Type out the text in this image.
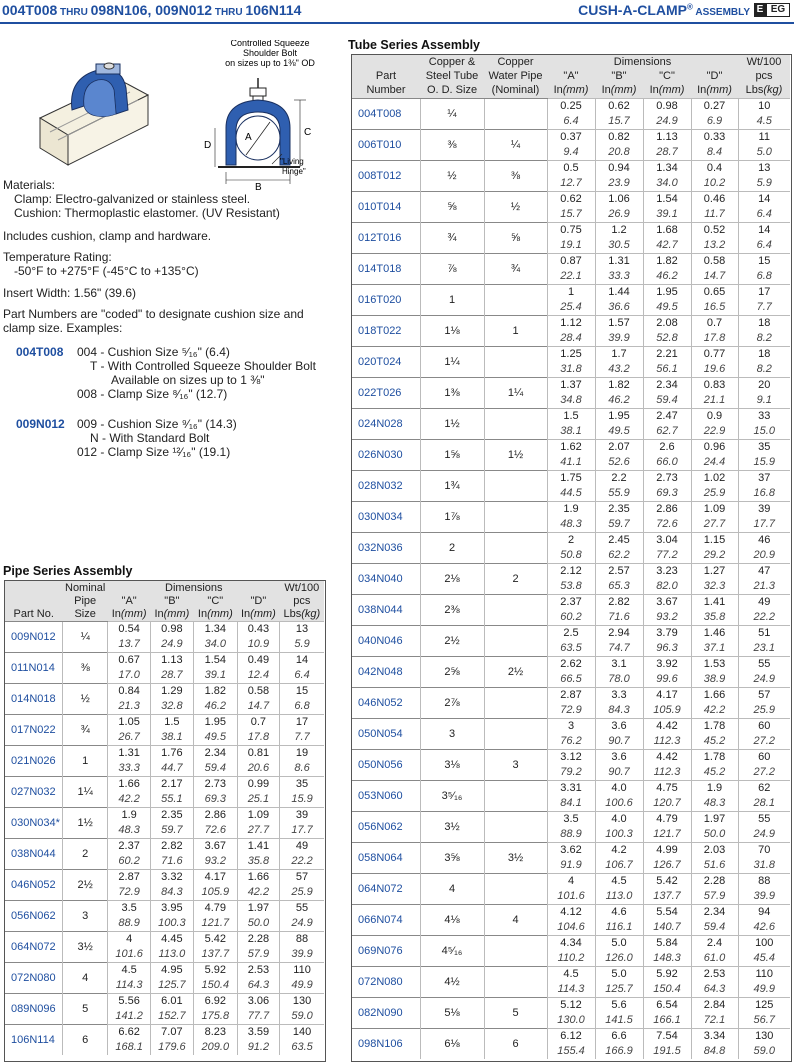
004T008 THRU 098N106, 009N012 THRU 106N114	CUSH-A-CLAMP® ASSEMBLY E EG
Controlled Squeeze
Shoulder Bolt
on sizes up to 1⅜" OD
A
B
C
D
"Living
Hinge"
Materials:
Clamp: Electro-galvanized or stainless steel.
Cushion: Thermoplastic elastomer. (UV Resistant)
Includes cushion, clamp and hardware.
Temperature Rating:
-50°F to +275°F (-45°C to +135°C)
Insert Width: 1.56" (39.6)
Part Numbers are "coded" to designate cushion size and
clamp size. Examples:
004T008 004 - Cushion Size ⁵⁄₁₆" (6.4)
T - With Controlled Squeeze Shoulder Bolt
Available on sizes up to 1 ⅜"
008 - Clamp Size ⁸⁄₁₆" (12.7)
009N012 009 - Cushion Size ⁹⁄₁₆" (14.3)
N - With Standard Bolt
012 - Clamp Size ¹²⁄₁₆" (19.1)
Pipe Series Assembly
	Nominal	Dimensions				Wt/100
	Pipe	"A"	"B"	"C"	"D"	pcs
Part No.	Size	In(mm)	In(mm)	In(mm)	In(mm)	Lbs(kg)
009N012	¼	0.54	0.98	1.34	0.43	13
		13.7	24.9	34.0	10.9	5.9
011N014	⅜	0.67	1.13	1.54	0.49	14
		17.0	28.7	39.1	12.4	6.4
014N018	½	0.84	1.29	1.82	0.58	15
		21.3	32.8	46.2	14.7	6.8
017N022	¾	1.05	1.5	1.95	0.7	17
		26.7	38.1	49.5	17.8	7.7
021N026	1	1.31	1.76	2.34	0.81	19
		33.3	44.7	59.4	20.6	8.6
027N032	1¼	1.66	2.17	2.73	0.99	35
		42.2	55.1	69.3	25.1	15.9
030N034*	1½	1.9	2.35	2.86	1.09	39
		48.3	59.7	72.6	27.7	17.7
038N044	2	2.37	2.82	3.67	1.41	49
		60.2	71.6	93.2	35.8	22.2
046N052	2½	2.87	3.32	4.17	1.66	57
		72.9	84.3	105.9	42.2	25.9
056N062	3	3.5	3.95	4.79	1.97	55
		88.9	100.3	121.7	50.0	24.9
064N072	3½	4	4.45	5.42	2.28	88
		101.6	113.0	137.7	57.9	39.9
072N080	4	4.5	4.95	5.92	2.53	110
		114.3	125.7	150.4	64.3	49.9
089N096	5	5.56	6.01	6.92	3.06	130
		141.2	152.7	175.8	77.7	59.0
106N114	6	6.62	7.07	8.23	3.59	140
		168.1	179.6	209.0	91.2	63.5
Tube Series Assembly
	Copper &	Copper	Dimensions				Wt/100
Part	Steel Tube	Water Pipe	"A"	"B"	"C"	"D"	pcs
Number	O. D. Size	(Nominal)	In(mm)	In(mm)	In(mm)	In(mm)	Lbs(kg)
004T008	¼		0.25	0.62	0.98	0.27	10
			6.4	15.7	24.9	6.9	4.5
006T010	⅜	¼	0.37	0.82	1.13	0.33	11
			9.4	20.8	28.7	8.4	5.0
008T012	½	⅜	0.5	0.94	1.34	0.4	13
			12.7	23.9	34.0	10.2	5.9
010T014	⅝	½	0.62	1.06	1.54	0.46	14
			15.7	26.9	39.1	11.7	6.4
012T016	¾	⅝	0.75	1.2	1.68	0.52	14
			19.1	30.5	42.7	13.2	6.4
014T018	⅞	¾	0.87	1.31	1.82	0.58	15
			22.1	33.3	46.2	14.7	6.8
016T020	1		1	1.44	1.95	0.65	17
			25.4	36.6	49.5	16.5	7.7
018T022	1⅛	1	1.12	1.57	2.08	0.7	18
			28.4	39.9	52.8	17.8	8.2
020T024	1¼		1.25	1.7	2.21	0.77	18
			31.8	43.2	56.1	19.6	8.2
022T026	1⅜	1¼	1.37	1.82	2.34	0.83	20
			34.8	46.2	59.4	21.1	9.1
024N028	1½		1.5	1.95	2.47	0.9	33
			38.1	49.5	62.7	22.9	15.0
026N030	1⅝	1½	1.62	2.07	2.6	0.96	35
			41.1	52.6	66.0	24.4	15.9
028N032	1¾		1.75	2.2	2.73	1.02	37
			44.5	55.9	69.3	25.9	16.8
030N034	1⅞		1.9	2.35	2.86	1.09	39
			48.3	59.7	72.6	27.7	17.7
032N036	2		2	2.45	3.04	1.15	46
			50.8	62.2	77.2	29.2	20.9
034N040	2⅛	2	2.12	2.57	3.23	1.27	47
			53.8	65.3	82.0	32.3	21.3
038N044	2⅜		2.37	2.82	3.67	1.41	49
			60.2	71.6	93.2	35.8	22.2
040N046	2½		2.5	2.94	3.79	1.46	51
			63.5	74.7	96.3	37.1	23.1
042N048	2⅝	2½	2.62	3.1	3.92	1.53	55
			66.5	78.0	99.6	38.9	24.9
046N052	2⅞		2.87	3.3	4.17	1.66	57
			72.9	84.3	105.9	42.2	25.9
050N054	3		3	3.6	4.42	1.78	60
			76.2	90.7	112.3	45.2	27.2
050N056	3⅛	3	3.12	3.6	4.42	1.78	60
			79.2	90.7	112.3	45.2	27.2
053N060	3⁵⁄₁₆		3.31	4.0	4.75	1.9	62
			84.1	100.6	120.7	48.3	28.1
056N062	3½		3.5	4.0	4.79	1.97	55
			88.9	100.3	121.7	50.0	24.9
058N064	3⅝	3½	3.62	4.2	4.99	2.03	70
			91.9	106.7	126.7	51.6	31.8
064N072	4		4	4.5	5.42	2.28	88
			101.6	113.0	137.7	57.9	39.9
066N074	4⅛	4	4.12	4.6	5.54	2.34	94
			104.6	116.1	140.7	59.4	42.6
069N076	4⁵⁄₁₆		4.34	5.0	5.84	2.4	100
			110.2	126.0	148.3	61.0	45.4
072N080	4½		4.5	5.0	5.92	2.53	110
			114.3	125.7	150.4	64.3	49.9
082N090	5⅛	5	5.12	5.6	6.54	2.84	125
			130.0	141.5	166.1	72.1	56.7
098N106	6⅛	6	6.12	6.6	7.54	3.34	130
			155.4	166.9	191.5	84.8	59.0
